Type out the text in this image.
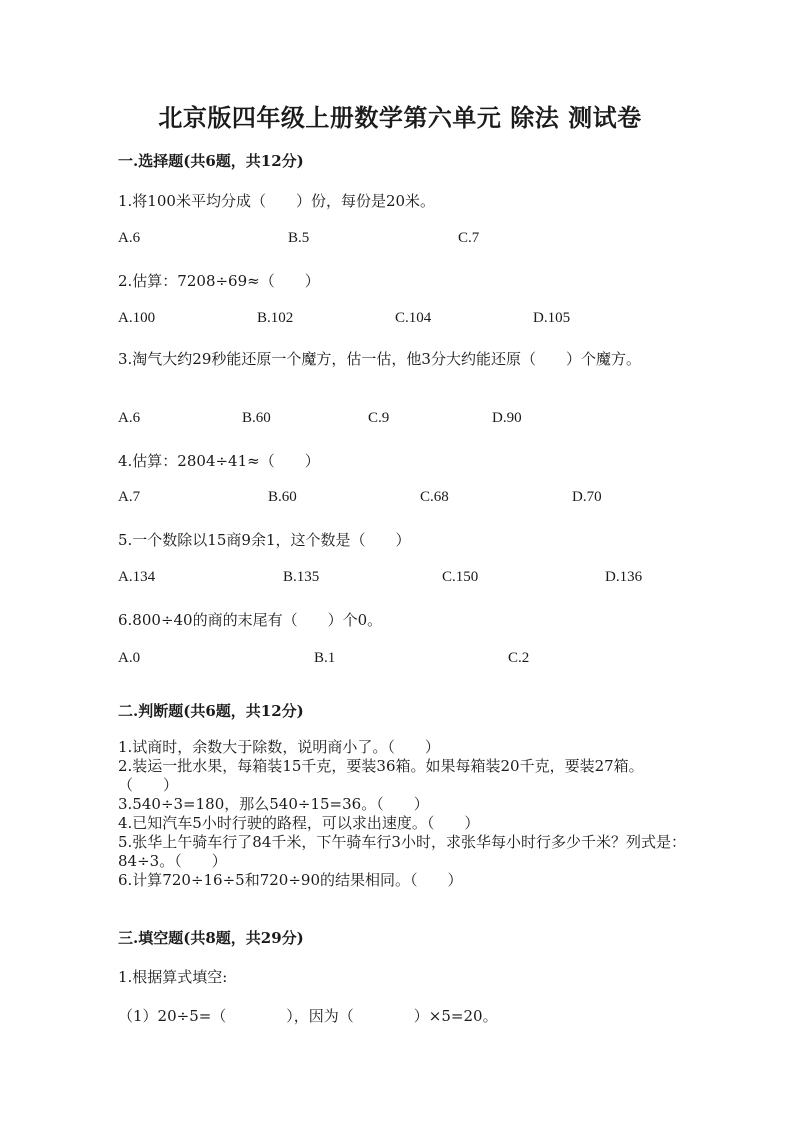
北京版四年级上册数学第六单元 除法 测试卷
一.选择题(共6题，共12分)
1.将100米平均分成（　　）份，每份是20米。
A.6	B.5	C.7
2.估算：7208÷69≈（　　）
A.100	B.102	C.104	D.105
3.淘气大约29秒能还原一个魔方，估一估，他3分大约能还原（　　）个魔方。
A.6	B.60	C.9	D.90
4.估算：2804÷41≈（　　）
A.7	B.60	C.68	D.70
5.一个数除以15商9余1，这个数是（　　）
A.134	B.135	C.150	D.136
6.800÷40的商的末尾有（　　）个0。
A.0	B.1	C.2
二.判断题(共6题，共12分)
1.试商时，余数大于除数，说明商小了。（　　）
2.装运一批水果，每箱装15千克，要装36箱。如果每箱装20千克，要装27箱。（　　）
3.540÷3=180，那么540÷15=36。（　　）
4.已知汽车5小时行驶的路程，可以求出速度。（　　）
5.张华上午骑车行了84千米，下午骑车行3小时，求张华每小时行多少千米？列式是：84÷3。（　　）
6.计算720÷16÷5和720÷90的结果相同。（　　）
三.填空题(共8题，共29分)
1.根据算式填空:
（1）20÷5=（　　　　），因为（　　　　）×5=20。
